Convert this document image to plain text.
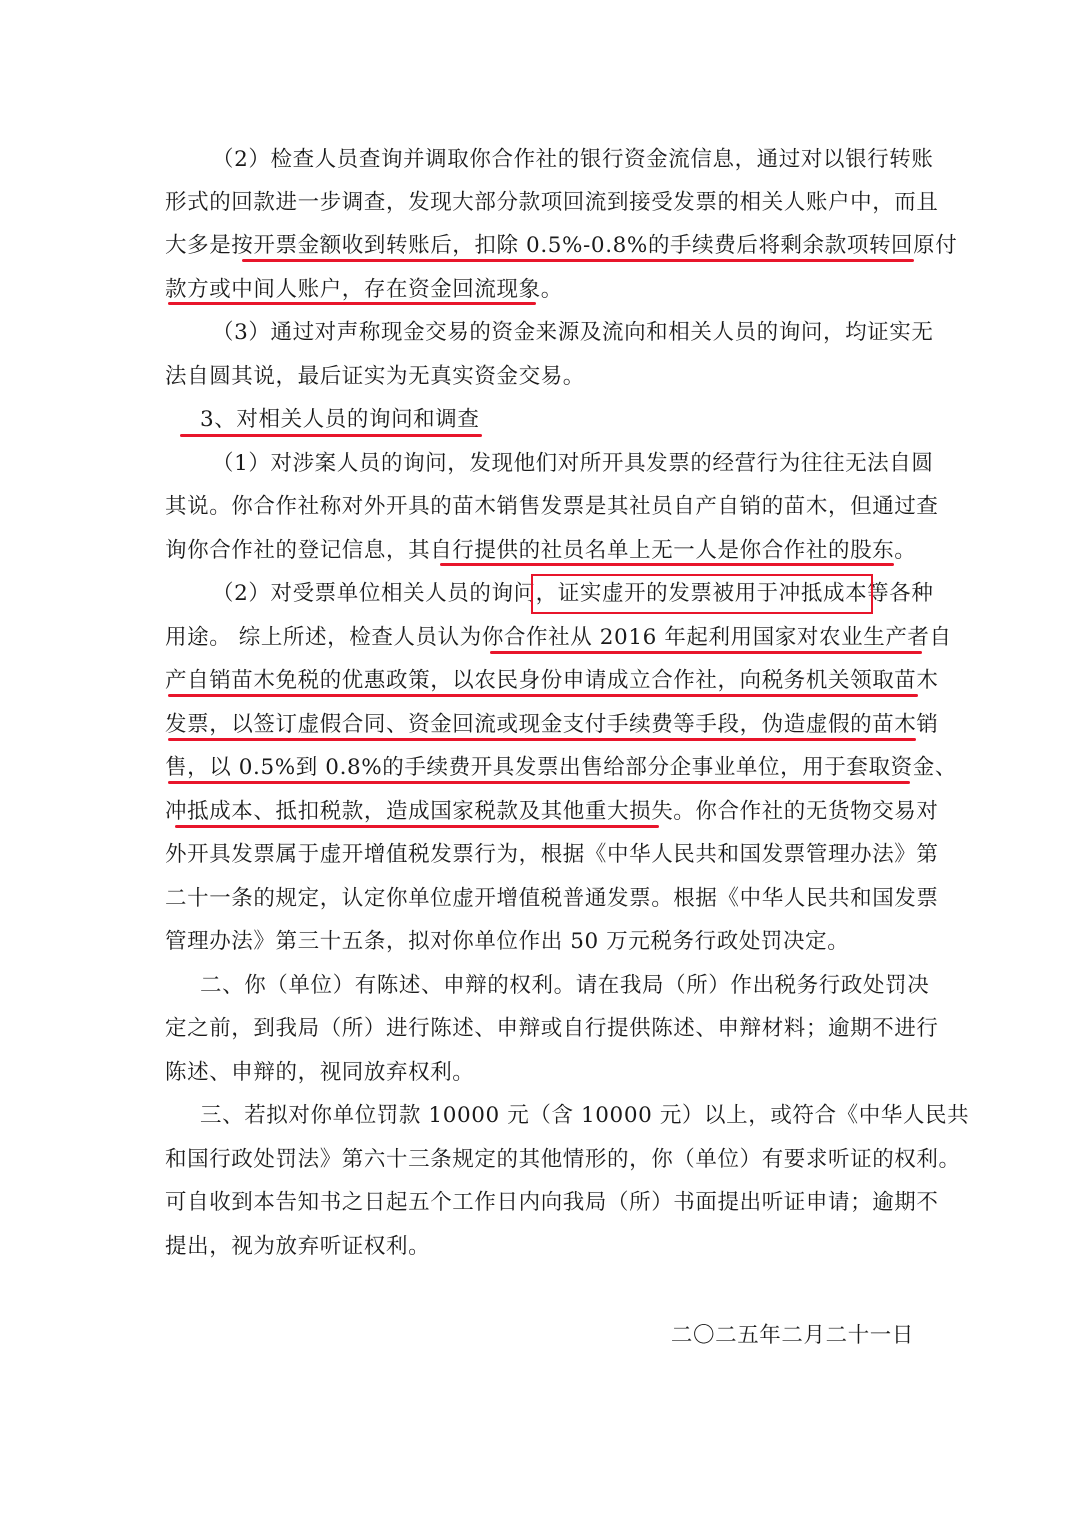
（2）检查人员查询并调取你合作社的银行资金流信息，通过对以银行转账
形式的回款进一步调查，发现大部分款项回流到接受发票的相关人账户中，而且
大多是按开票金额收到转账后，扣除 0.5%-0.8%的手续费后将剩余款项转回原付
款方或中间人账户，存在资金回流现象。
（3）通过对声称现金交易的资金来源及流向和相关人员的询问，均证实无
法自圆其说，最后证实为无真实资金交易。
3、对相关人员的询问和调查
（1）对涉案人员的询问，发现他们对所开具发票的经营行为往往无法自圆
其说。你合作社称对外开具的苗木销售发票是其社员自产自销的苗木，但通过查
询你合作社的登记信息，其自行提供的社员名单上无一人是你合作社的股东。
（2）对受票单位相关人员的询问，证实虚开的发票被用于冲抵成本等各种
用途。 综上所述，检查人员认为你合作社从 2016 年起利用国家对农业生产者自
产自销苗木免税的优惠政策，以农民身份申请成立合作社，向税务机关领取苗木
发票，以签订虚假合同、资金回流或现金支付手续费等手段，伪造虚假的苗木销
售，以 0.5%到 0.8%的手续费开具发票出售给部分企事业单位，用于套取资金、
冲抵成本、抵扣税款，造成国家税款及其他重大损失。你合作社的无货物交易对
外开具发票属于虚开增值税发票行为，根据《中华人民共和国发票管理办法》第
二十一条的规定，认定你单位虚开增值税普通发票。根据《中华人民共和国发票
管理办法》第三十五条，拟对你单位作出 50 万元税务行政处罚决定。
二、你（单位）有陈述、申辩的权利。请在我局（所）作出税务行政处罚决
定之前，到我局（所）进行陈述、申辩或自行提供陈述、申辩材料；逾期不进行
陈述、申辩的，视同放弃权利。
三、若拟对你单位罚款 10000 元（含 10000 元）以上，或符合《中华人民共
和国行政处罚法》第六十三条规定的其他情形的，你（单位）有要求听证的权利。
可自收到本告知书之日起五个工作日内向我局（所）书面提出听证申请；逾期不
提出，视为放弃听证权利。
二〇二五年二月二十一日
